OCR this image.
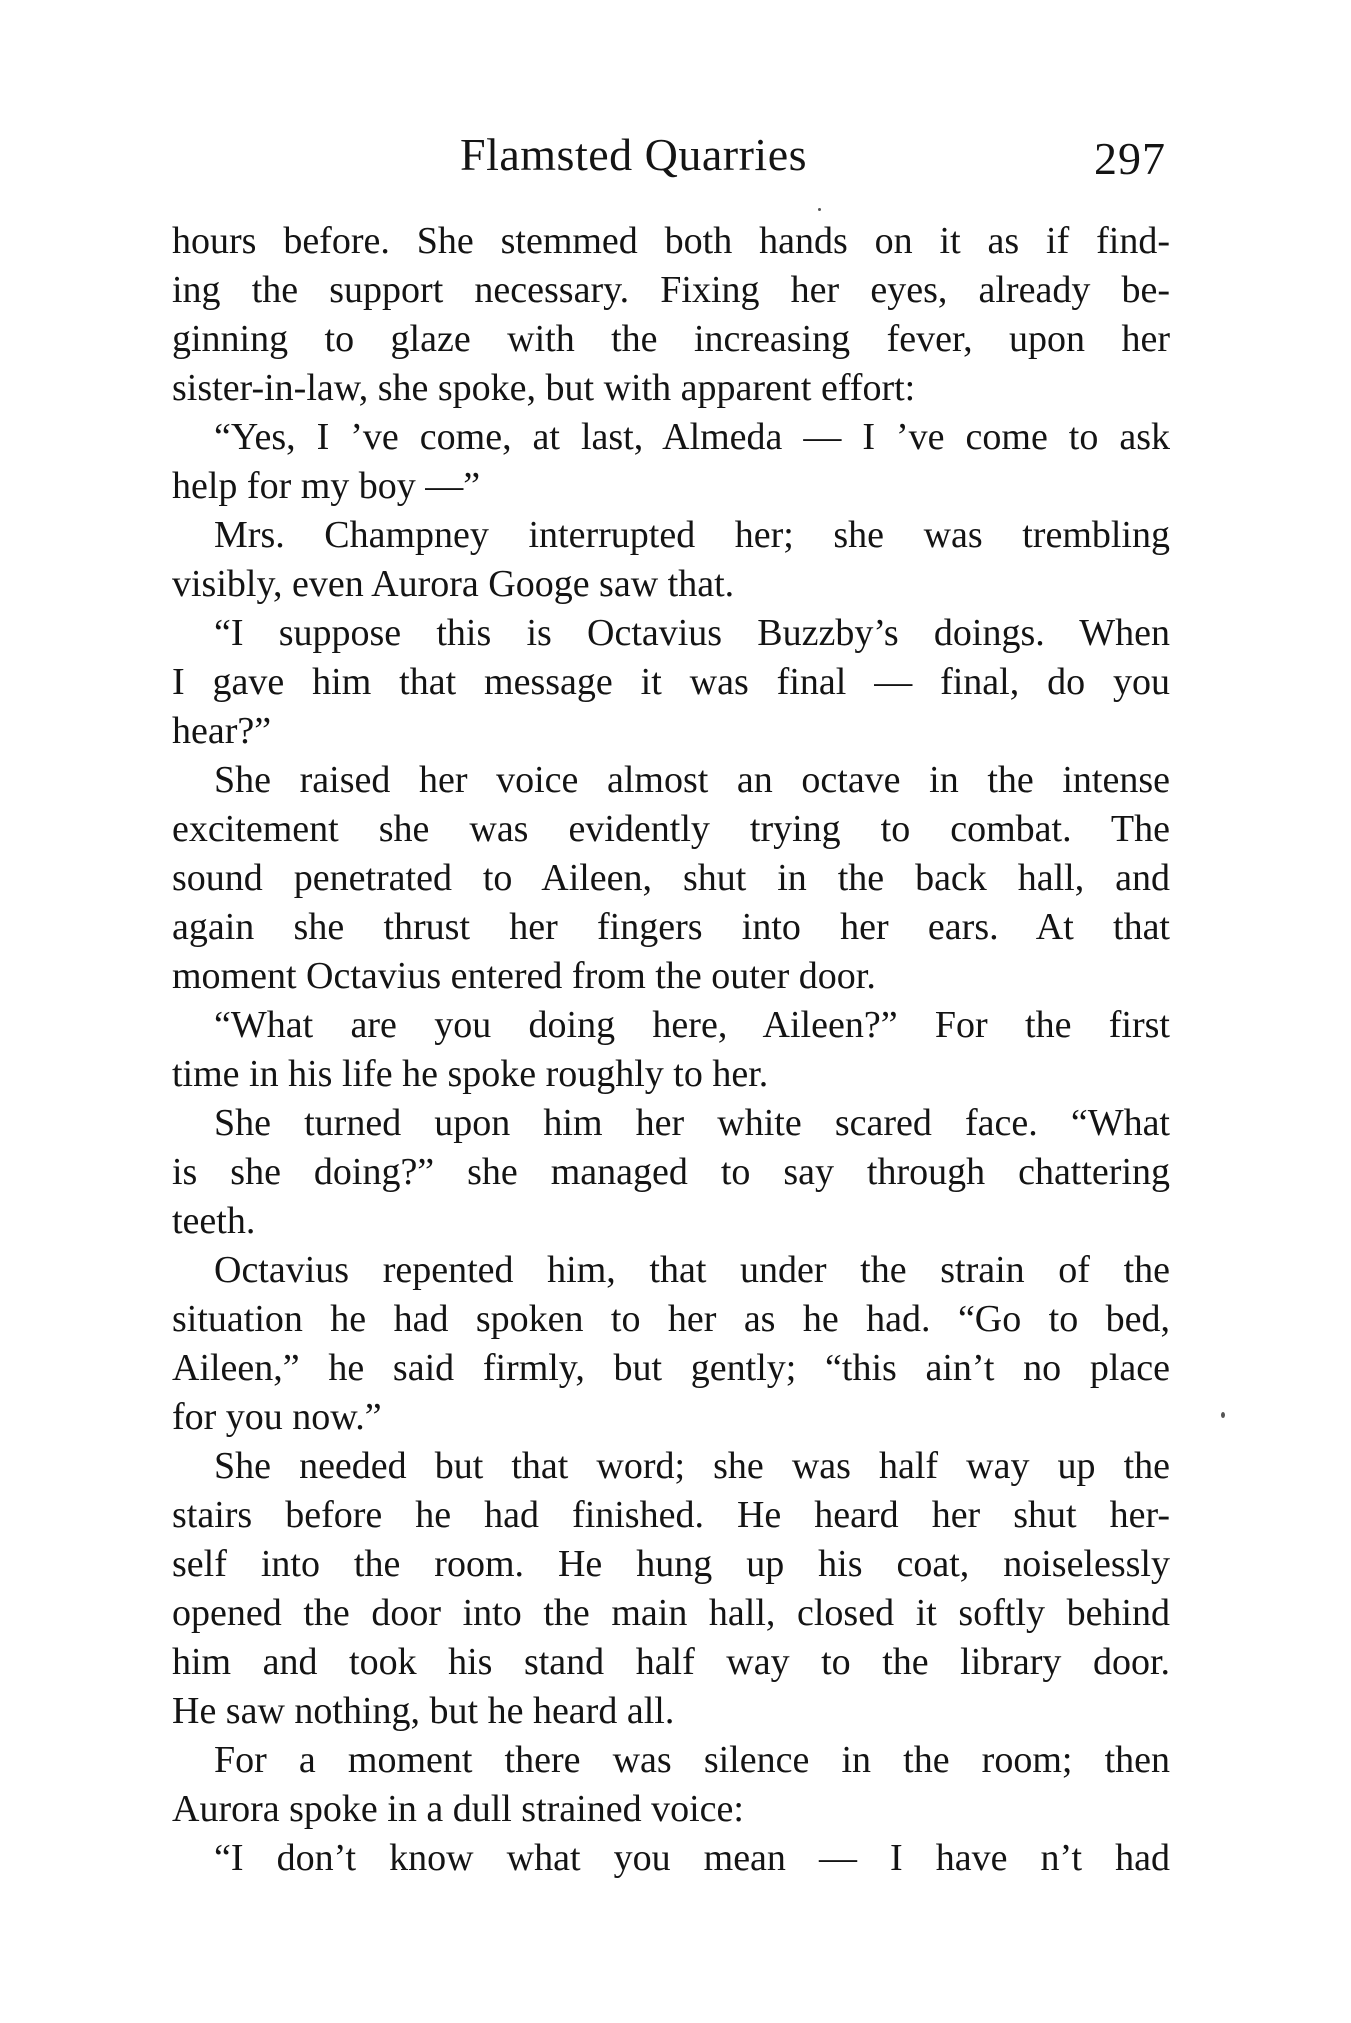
Flamsted Quarries	297
hours before. She stemmed both hands on it as if find-
ing the support necessary. Fixing her eyes, already be-
ginning to glaze with the increasing fever, upon her
sister-in-law, she spoke, but with apparent effort:
“Yes, I ’ve come, at last, Almeda — I ’ve come to ask
help for my boy —”
Mrs. Champney interrupted her; she was trembling
visibly, even Aurora Googe saw that.
“I suppose this is Octavius Buzzby’s doings. When
I gave him that message it was final — final, do you
hear?”
She raised her voice almost an octave in the intense
excitement she was evidently trying to combat. The
sound penetrated to Aileen, shut in the back hall, and
again she thrust her fingers into her ears. At that
moment Octavius entered from the outer door.
“What are you doing here, Aileen?” For the first
time in his life he spoke roughly to her.
She turned upon him her white scared face. “What
is she doing?” she managed to say through chattering
teeth.
Octavius repented him, that under the strain of the
situation he had spoken to her as he had. “Go to bed,
Aileen,” he said firmly, but gently; “this ain’t no place
for you now.”
She needed but that word; she was half way up the
stairs before he had finished. He heard her shut her-
self into the room. He hung up his coat, noiselessly
opened the door into the main hall, closed it softly behind
him and took his stand half way to the library door.
He saw nothing, but he heard all.
For a moment there was silence in the room; then
Aurora spoke in a dull strained voice:
“I don’t know what you mean — I have n’t had
